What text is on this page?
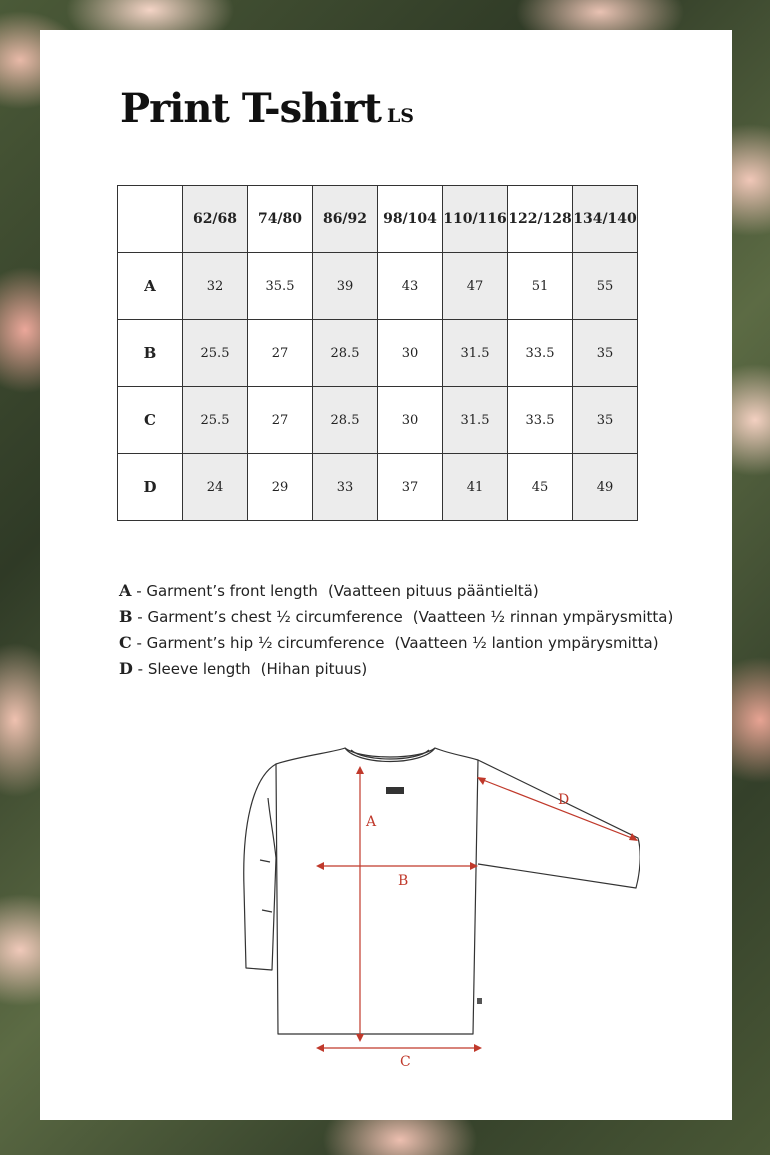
Print T-shirt LS
	62/68	74/80	86/92	98/104	110/116	122/128	134/140
A	32	35.5	39	43	47	51	55
B	25.5	27	28.5	30	31.5	33.5	35
C	25.5	27	28.5	30	31.5	33.5	35
D	24	29	33	37	41	45	49
A - Garment’s front length (Vaatteen pituus pääntieltä)
B - Garment’s chest ½ circumference (Vaatteen ½ rinnan ympärysmitta)
C - Garment’s hip ½ circumference (Vaatteen ½ lantion ympärysmitta)
D - Sleeve length (Hihan pituus)
A
B
C
D
